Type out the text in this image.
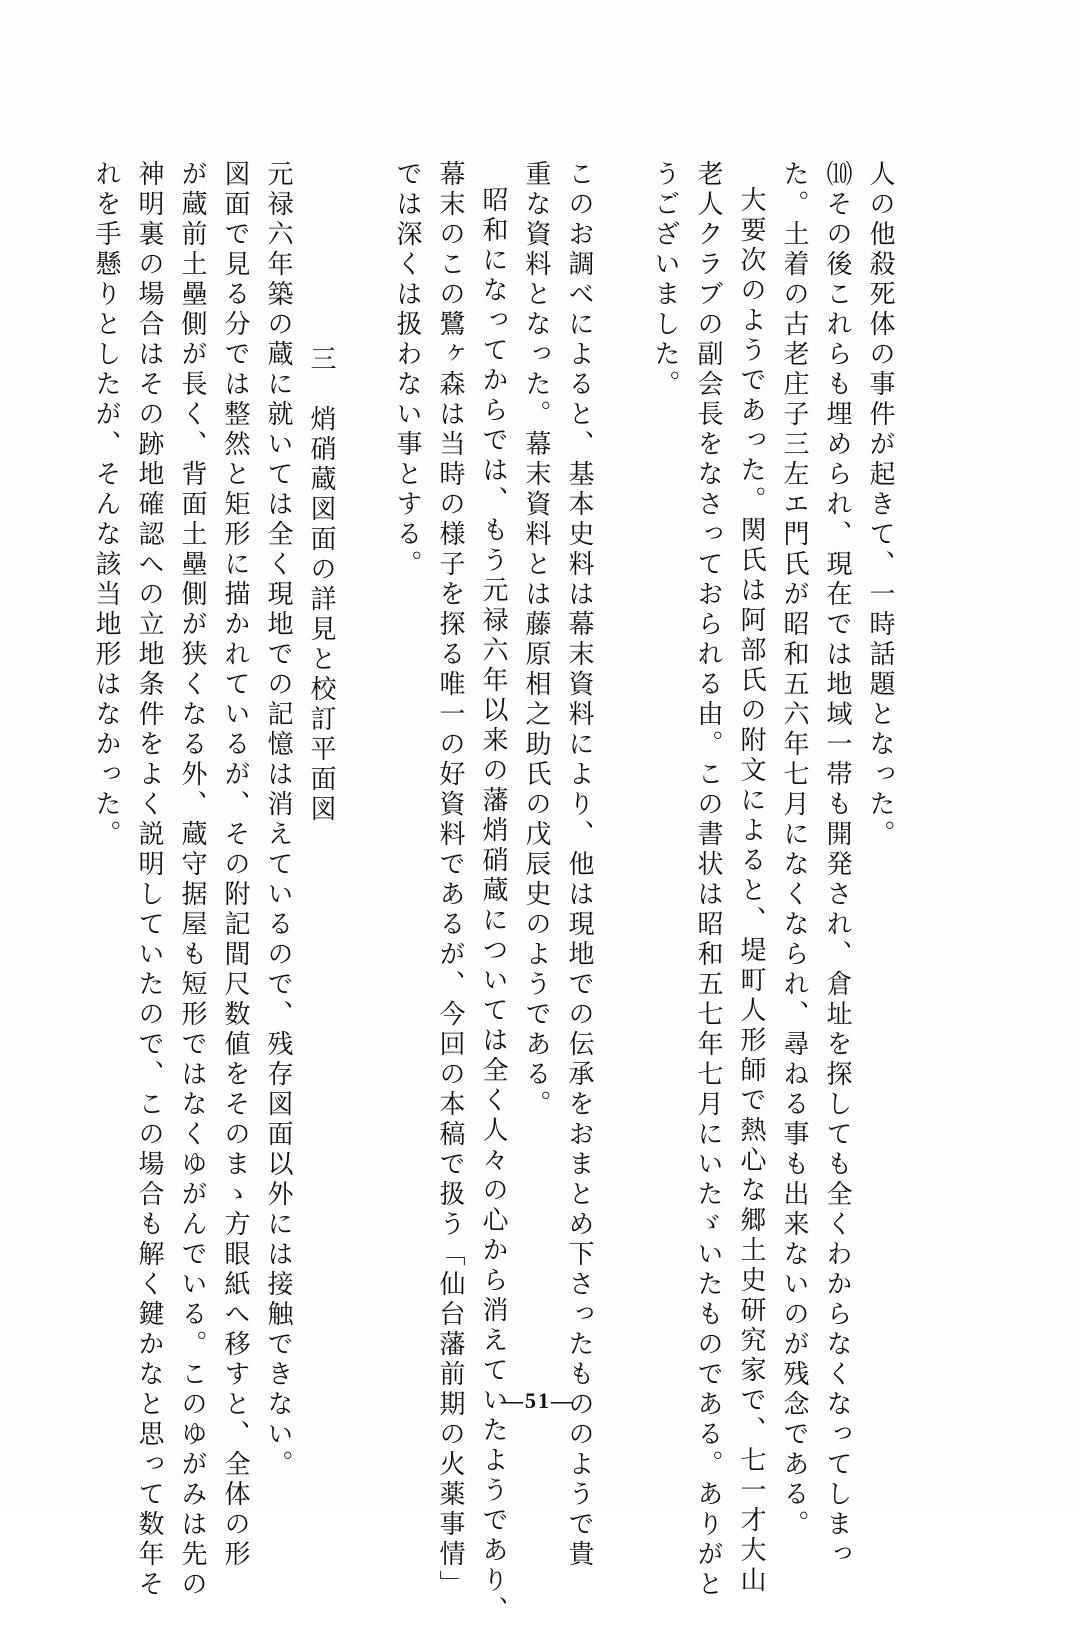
人の他殺死体の事件が起きて、一時話題となった。
⑽その後これらも埋められ、現在では地域一帯も開発され、倉址を探しても全くわからなくなってしまっ
た。土着の古老庄子三左エ門氏が昭和五六年七月になくなられ、尋ねる事も出来ないのが残念である。
大要次のようであった。関氏は阿部氏の附文によると、堤町人形師で熱心な郷土史研究家で、七一才大山
老人クラブの副会長をなさっておられる由。この書状は昭和五七年七月にいたゞいたものである。ありがと
うございました。
このお調べによると、基本史料は幕末資料により、他は現地での伝承をおまとめ下さったもののようで貴
重な資料となった。幕末資料とは藤原相之助氏の戊辰史のようである。
昭和になってからでは、もう元禄六年以来の藩焇硝蔵については全く人々の心から消えていたようであり、
幕末のこの鷺ヶ森は当時の様子を探る唯一の好資料であるが、今回の本稿で扱う「仙台藩前期の火薬事情」
では深くは扱わない事とする。
三　焇硝蔵図面の詳見と校訂平面図
元禄六年築の蔵に就いては全く現地での記憶は消えているので、残存図面以外には接触できない。
図面で見る分では整然と矩形に描かれているが、その附記間尺数値をそのまゝ方眼紙へ移すと、全体の形
が蔵前土壘側が長く、背面土壘側が狭くなる外、蔵守据屋も短形ではなくゆがんでいる。このゆがみは先の
神明裏の場合はその跡地確認への立地条件をよく説明していたので、この場合も解く鍵かなと思って数年そ
れを手懸りとしたが、そんな該当地形はなかった。
—51—
